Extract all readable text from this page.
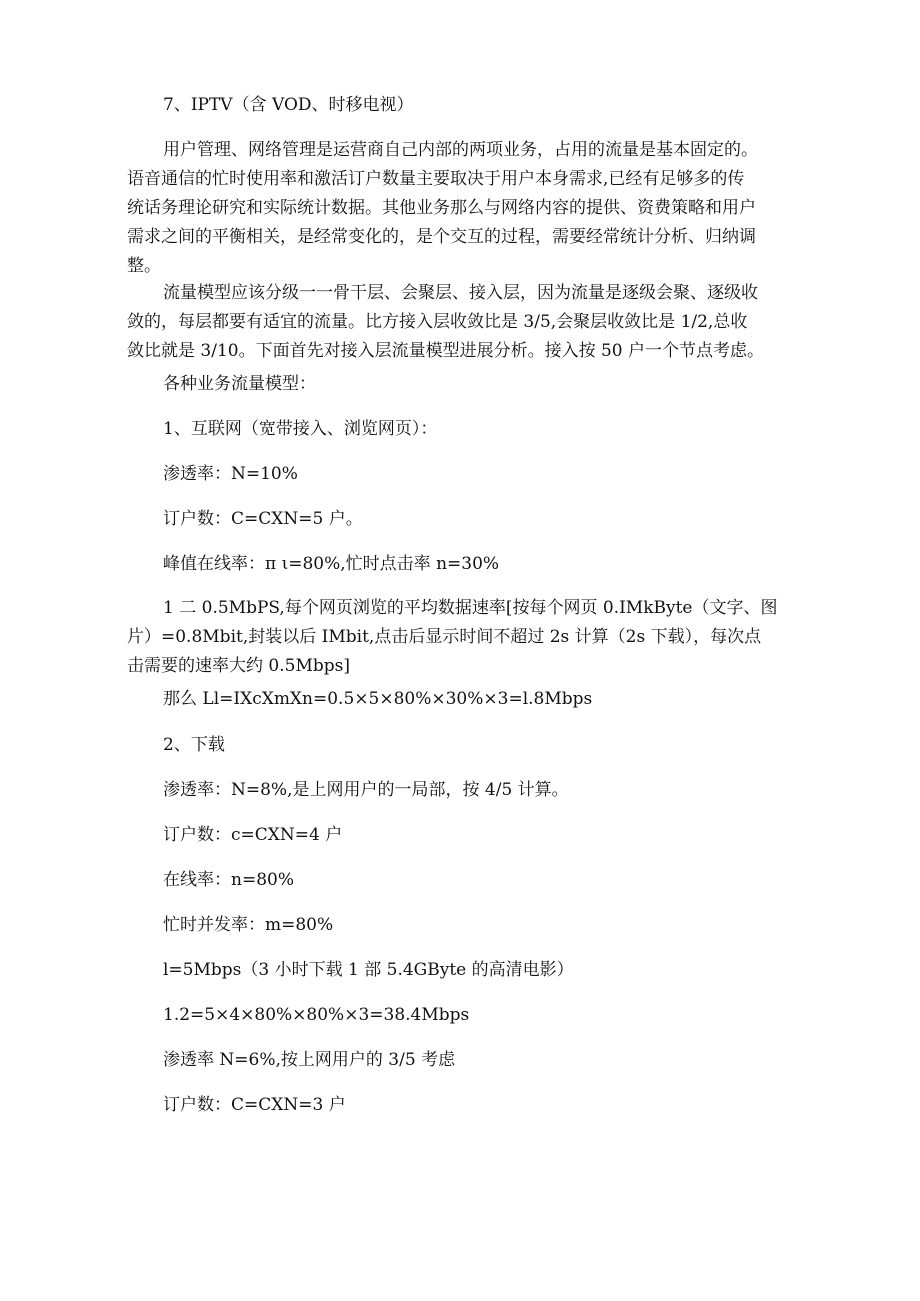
7、IPTV（含 VOD、时移电视）

用户管理、网络管理是运营商自己内部的两项业务，占用的流量是基本固定的。
语音通信的忙时使用率和激活订户数量主要取决于用户本身需求,已经有足够多的传
统话务理论研究和实际统计数据。其他业务那么与网络内容的提供、资费策略和用户
需求之间的平衡相关，是经常变化的，是个交互的过程，需要经常统计分析、归纳调
整。

流量模型应该分级一一骨干层、会聚层、接入层，因为流量是逐级会聚、逐级收
敛的，每层都要有适宜的流量。比方接入层收敛比是 3/5,会聚层收敛比是 1/2,总收
敛比就是 3/10。下面首先对接入层流量模型进展分析。接入按 50 户一个节点考虑。

各种业务流量模型：

1、互联网（宽带接入、浏览网页）：

渗透率：N=10%

订户数：C=CXN=5 户。

峰值在线率：π ι=80%,忙时点击率 n=30%

1 二 0.5MbPS,每个网页浏览的平均数据速率[按每个网页 0.IMkByte（文字、图
片）=0.8Mbit,封装以后 IMbit,点击后显示时间不超过 2s 计算（2s 下载），每次点
击需要的速率大约 0.5Mbps]

那么 Ll=IXcXmXn=0.5×5×80%×30%×3=l.8Mbps

2、下载

渗透率：N=8%,是上网用户的一局部，按 4/5 计算。

订户数：c=CXN=4 户

在线率：n=80%

忙时并发率：m=80%

l=5Mbps（3 小时下载 1 部 5.4GByte 的高清电影）

1.2=5×4×80%×80%×3=38.4Mbps

渗透率 N=6%,按上网用户的 3/5 考虑

订户数：C=CXN=3 户
